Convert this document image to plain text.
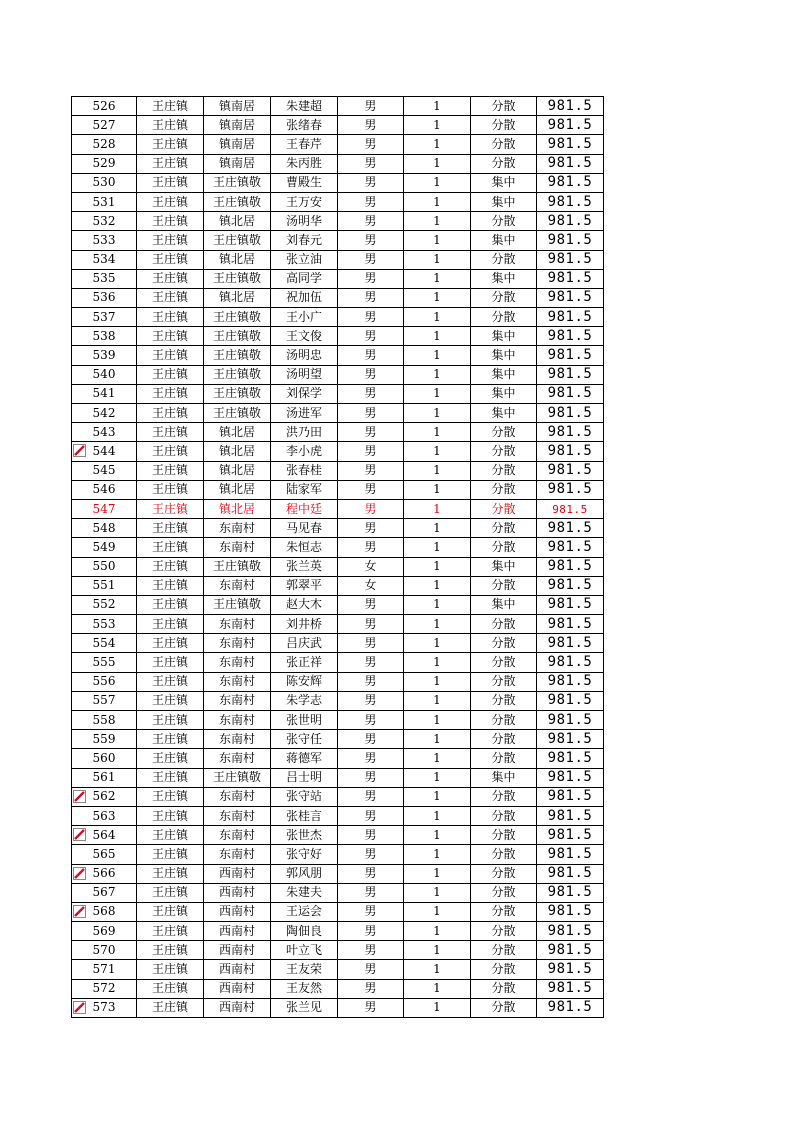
526	王庄镇	镇南居	朱建超	男	1	分散	981.5
527	王庄镇	镇南居	张绪春	男	1	分散	981.5
528	王庄镇	镇南居	王春芹	男	1	分散	981.5
529	王庄镇	镇南居	朱丙胜	男	1	分散	981.5
530	王庄镇	王庄镇敬	曹殿生	男	1	集中	981.5
531	王庄镇	王庄镇敬	王万安	男	1	集中	981.5
532	王庄镇	镇北居	汤明华	男	1	分散	981.5
533	王庄镇	王庄镇敬	刘春元	男	1	集中	981.5
534	王庄镇	镇北居	张立油	男	1	分散	981.5
535	王庄镇	王庄镇敬	高同学	男	1	集中	981.5
536	王庄镇	镇北居	祝加伍	男	1	分散	981.5
537	王庄镇	王庄镇敬	王小广	男	1	分散	981.5
538	王庄镇	王庄镇敬	王文俊	男	1	集中	981.5
539	王庄镇	王庄镇敬	汤明忠	男	1	集中	981.5
540	王庄镇	王庄镇敬	汤明望	男	1	集中	981.5
541	王庄镇	王庄镇敬	刘保学	男	1	集中	981.5
542	王庄镇	王庄镇敬	汤进军	男	1	集中	981.5
543	王庄镇	镇北居	洪乃田	男	1	分散	981.5

544	王庄镇	镇北居	李小虎	男	1	分散	981.5
545	王庄镇	镇北居	张春桂	男	1	分散	981.5
546	王庄镇	镇北居	陆家军	男	1	分散	981.5
547	王庄镇	镇北居	程中廷	男	1	分散	981.5
548	王庄镇	东南村	马见春	男	1	分散	981.5
549	王庄镇	东南村	朱恒志	男	1	分散	981.5
550	王庄镇	王庄镇敬	张兰英	女	1	集中	981.5
551	王庄镇	东南村	郭翠平	女	1	分散	981.5
552	王庄镇	王庄镇敬	赵大木	男	1	集中	981.5
553	王庄镇	东南村	刘井桥	男	1	分散	981.5
554	王庄镇	东南村	吕庆武	男	1	分散	981.5
555	王庄镇	东南村	张正祥	男	1	分散	981.5
556	王庄镇	东南村	陈安辉	男	1	分散	981.5
557	王庄镇	东南村	朱学志	男	1	分散	981.5
558	王庄镇	东南村	张世明	男	1	分散	981.5
559	王庄镇	东南村	张守任	男	1	分散	981.5
560	王庄镇	东南村	蒋德军	男	1	分散	981.5
561	王庄镇	王庄镇敬	吕士明	男	1	集中	981.5

562	王庄镇	东南村	张守站	男	1	分散	981.5
563	王庄镇	东南村	张桂言	男	1	分散	981.5

564	王庄镇	东南村	张世杰	男	1	分散	981.5
565	王庄镇	东南村	张守好	男	1	分散	981.5

566	王庄镇	西南村	郭风朋	男	1	分散	981.5
567	王庄镇	西南村	朱建夫	男	1	分散	981.5

568	王庄镇	西南村	王运会	男	1	分散	981.5
569	王庄镇	西南村	陶佃良	男	1	分散	981.5
570	王庄镇	西南村	叶立飞	男	1	分散	981.5
571	王庄镇	西南村	王友荣	男	1	分散	981.5
572	王庄镇	西南村	王友然	男	1	分散	981.5

573	王庄镇	西南村	张兰见	男	1	分散	981.5
